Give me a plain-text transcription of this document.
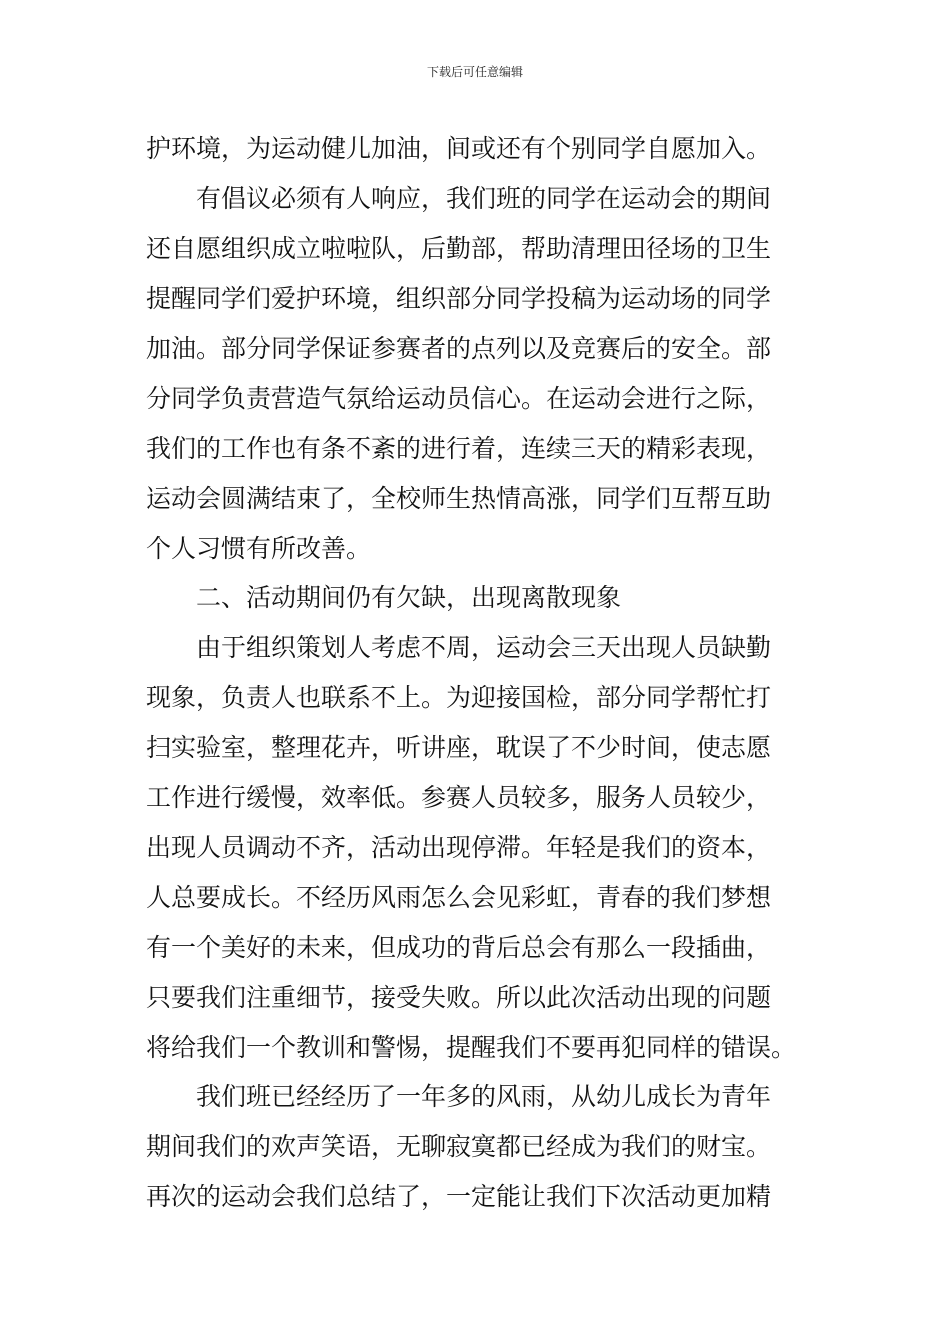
下载后可任意编辑
护环境，为运动健儿加油，间或还有个别同学自愿加入。
有倡议必须有人响应，我们班的同学在运动会的期间
还自愿组织成立啦啦队，后勤部，帮助清理田径场的卫生
提醒同学们爱护环境，组织部分同学投稿为运动场的同学
加油。部分同学保证参赛者的点列以及竞赛后的安全。部
分同学负责营造气氛给运动员信心。在运动会进行之际，
我们的工作也有条不紊的进行着，连续三天的精彩表现，
运动会圆满结束了，全校师生热情高涨，同学们互帮互助
个人习惯有所改善。
二、活动期间仍有欠缺，出现离散现象
由于组织策划人考虑不周，运动会三天出现人员缺勤
现象，负责人也联系不上。为迎接国检，部分同学帮忙打
扫实验室，整理花卉，听讲座，耽误了不少时间，使志愿
工作进行缓慢，效率低。参赛人员较多，服务人员较少，
出现人员调动不齐，活动出现停滞。年轻是我们的资本，
人总要成长。不经历风雨怎么会见彩虹，青春的我们梦想
有一个美好的未来，但成功的背后总会有那么一段插曲，
只要我们注重细节，接受失败。所以此次活动出现的问题
将给我们一个教训和警惕，提醒我们不要再犯同样的错误。
我们班已经经历了一年多的风雨，从幼儿成长为青年
期间我们的欢声笑语，无聊寂寞都已经成为我们的财宝。
再次的运动会我们总结了，一定能让我们下次活动更加精
